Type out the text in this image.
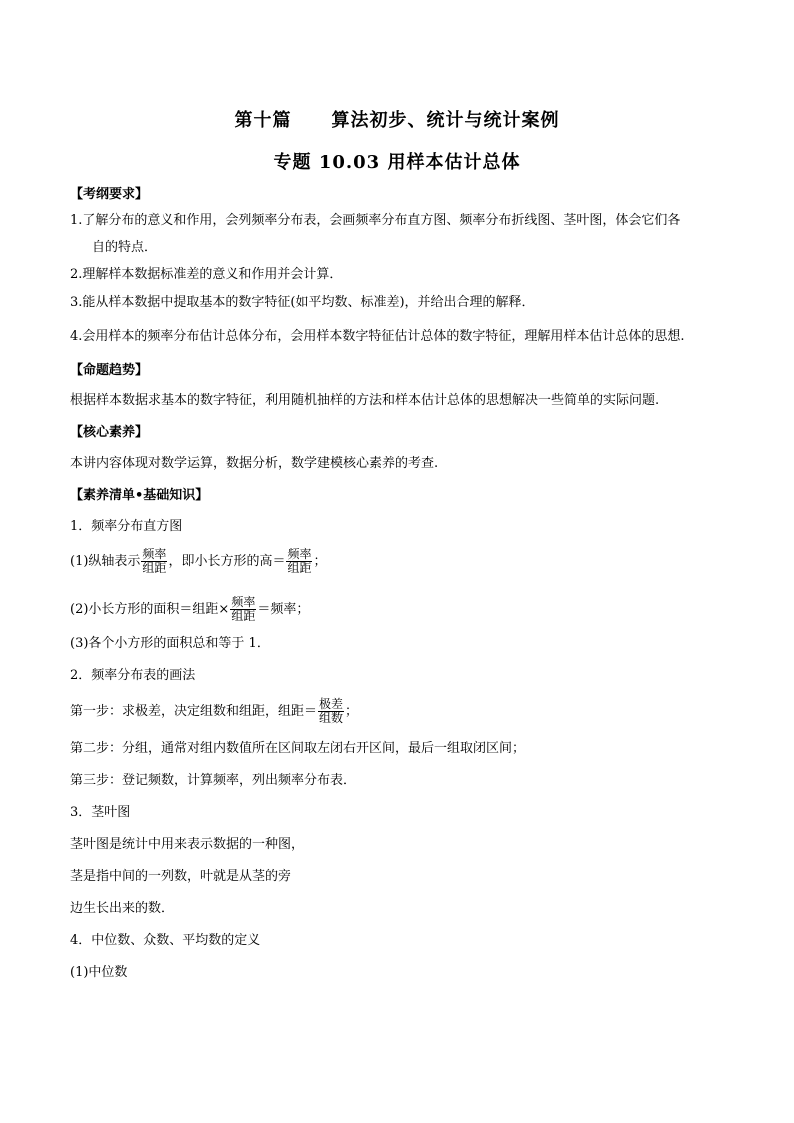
第十篇 算法初步、统计与统计案例
专题 10.03 用样本估计总体
【考纲要求】
1.了解分布的意义和作用，会列频率分布表，会画频率分布直方图、频率分布折线图、茎叶图，体会它们各
自的特点．
2.理解样本数据标准差的意义和作用并会计算．
3.能从样本数据中提取基本的数字特征(如平均数、标准差)，并给出合理的解释．
4.会用样本的频率分布估计总体分布，会用样本数字特征估计总体的数字特征，理解用样本估计总体的思想.
【命题趋势】
根据样本数据求基本的数字特征，利用随机抽样的方法和样本估计总体的思想解决一些简单的实际问题.
【核心素养】
本讲内容体现对数学运算，数据分析，数学建模核心素养的考查.
【素养清单•基础知识】
1．频率分布直方图
(1)纵轴表示 $\frac{\text{频率}}{\text{组距}}$ ，即小长方形的高＝ $\frac{\text{频率}}{\text{组距}}$ ；
(2)小长方形的面积＝组距× $\frac{\text{频率}}{\text{组距}}$ ＝频率；
(3)各个小方形的面积总和等于 1．
2．频率分布表的画法
第一步：求极差，决定组数和组距，组距＝ $\frac{\text{极差}}{\text{组数}}$ ；
第二步：分组，通常对组内数值所在区间取左闭右开区间，最后一组取闭区间；
第三步：登记频数，计算频率，列出频率分布表．
3．茎叶图
茎叶图是统计中用来表示数据的一种图，
茎是指中间的一列数，叶就是从茎的旁
边生长出来的数．
4．中位数、众数、平均数的定义
(1)中位数
